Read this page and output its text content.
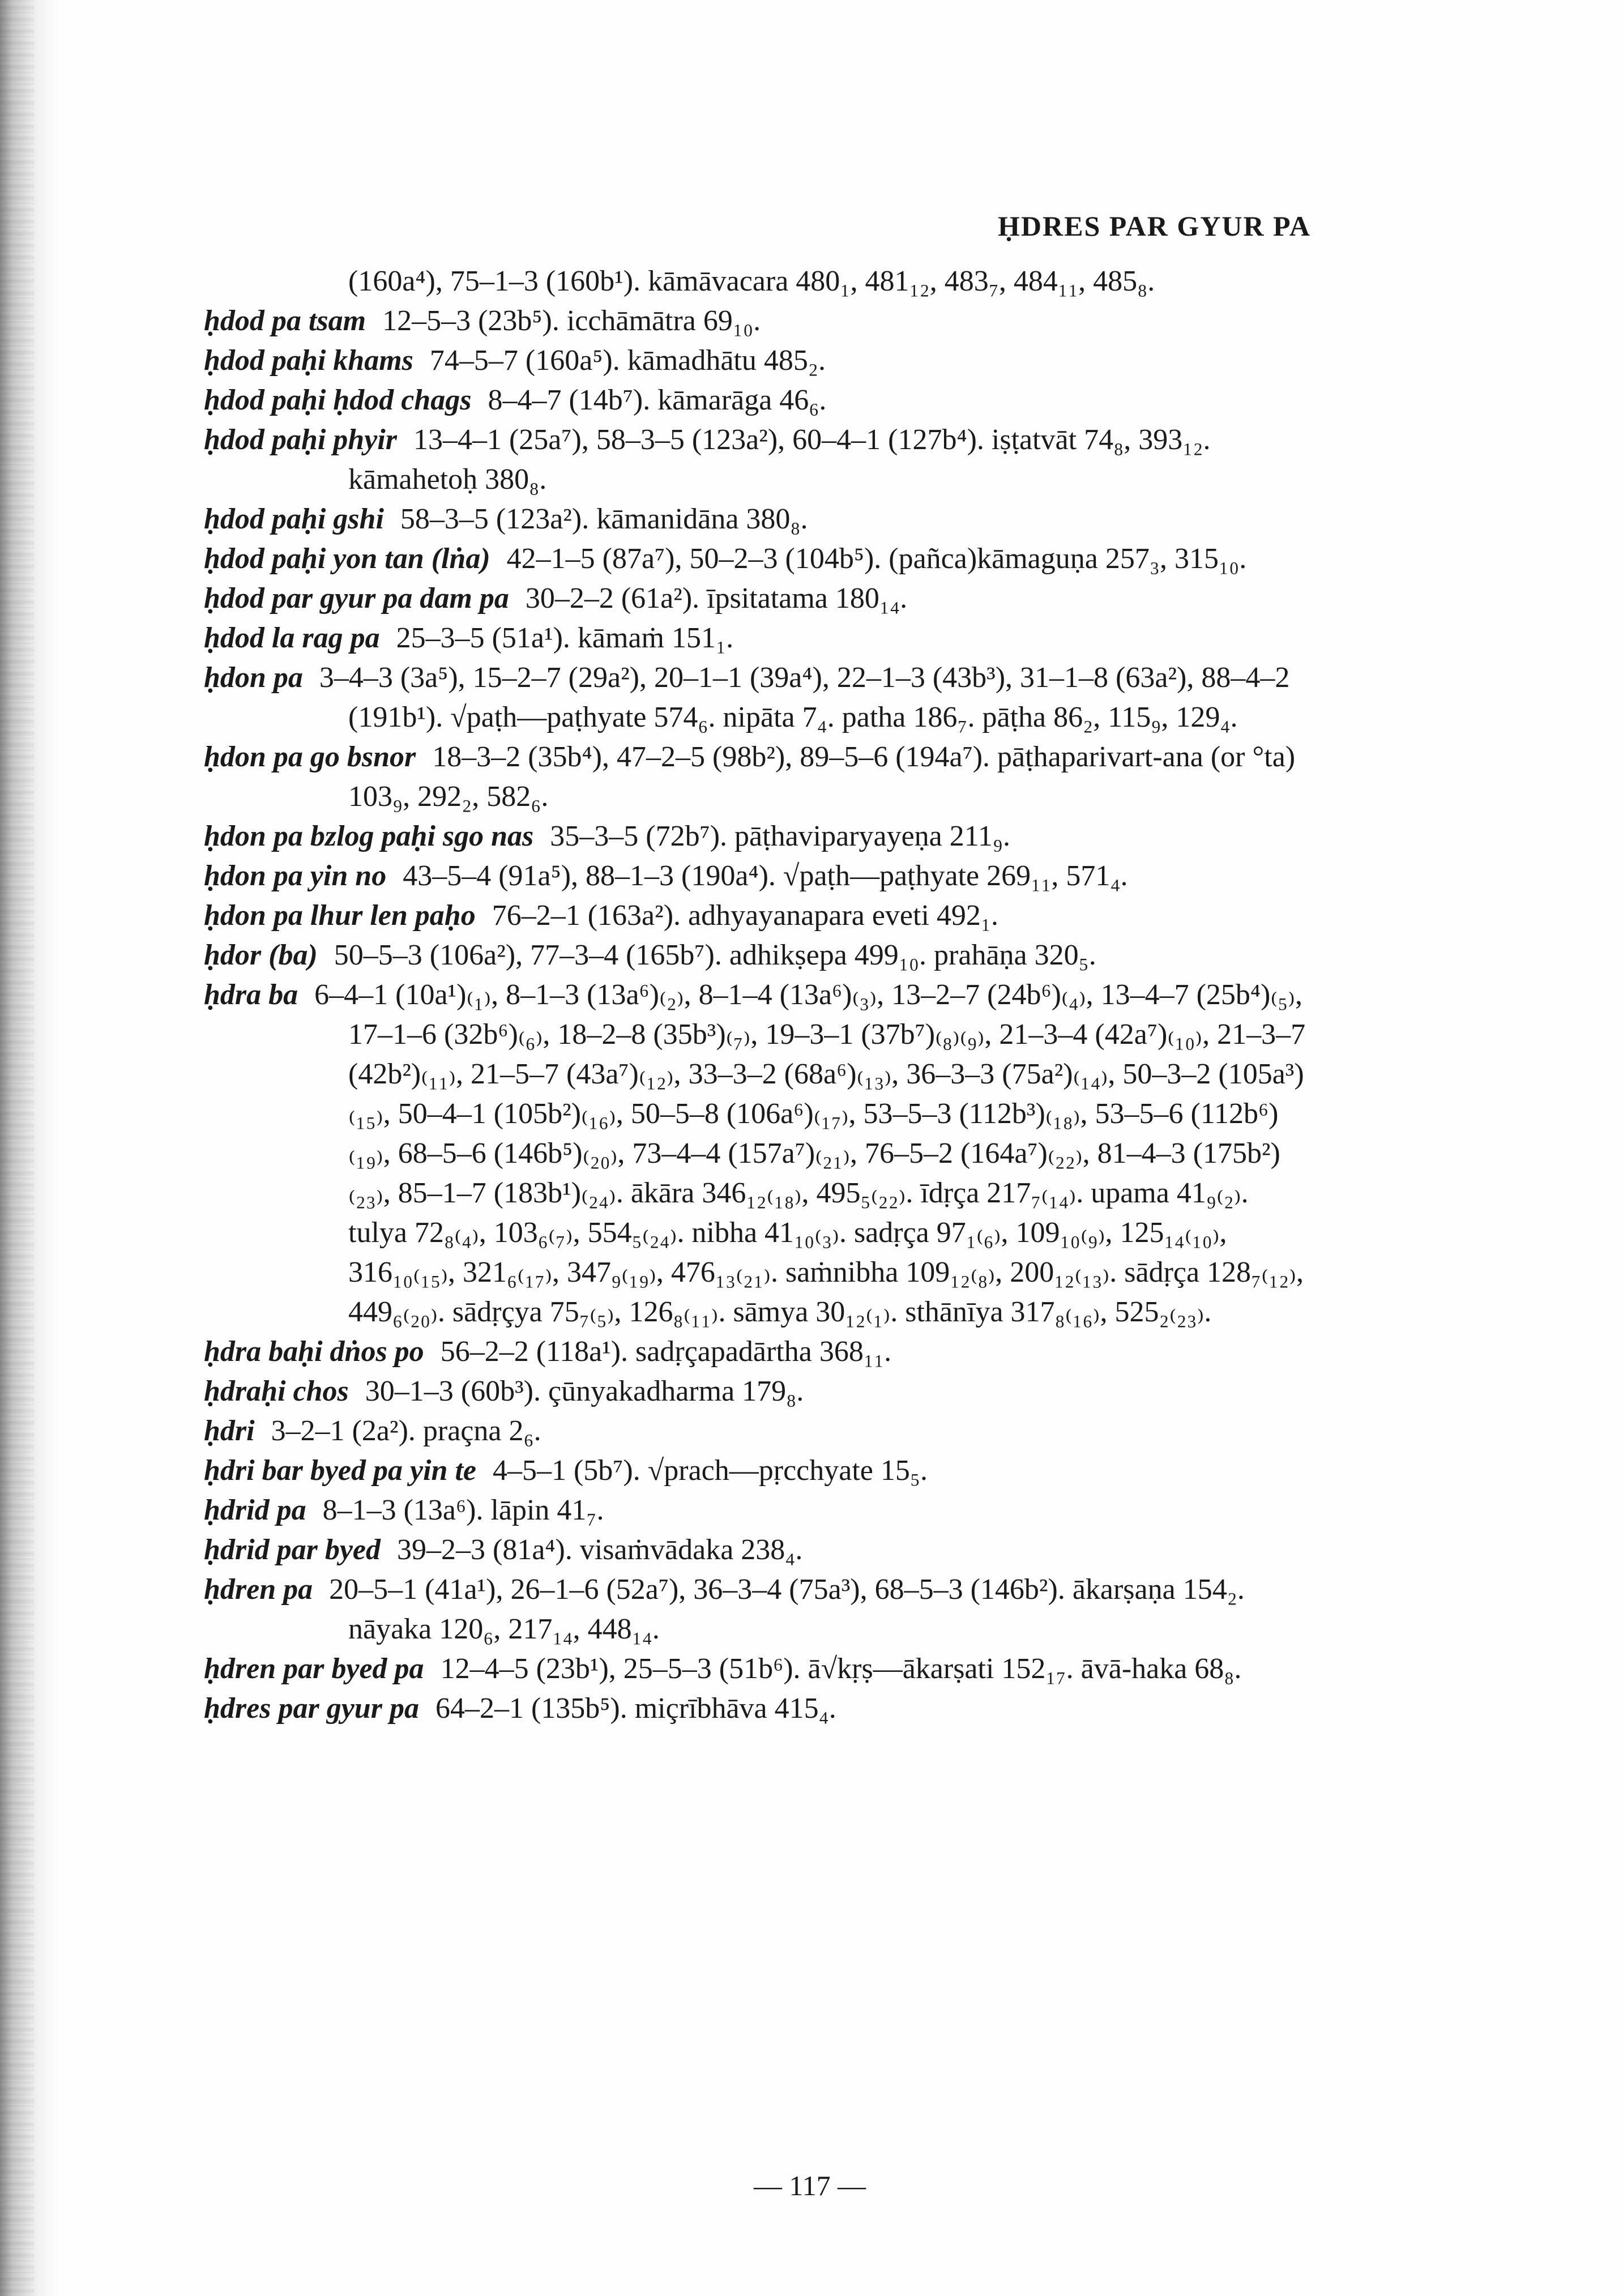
ḤDRES PAR GYUR PA

(160a⁴), 75–1–3 (160b¹). kāmāvacara 480₁, 481₁₂, 483₇, 484₁₁, 485₈.

ḥdod pa tsam 12–5–3 (23b⁵). icchāmātra 69₁₀.

ḥdod paḥi khams 74–5–7 (160a⁵). kāmadhātu 485₂.

ḥdod paḥi ḥdod chags 8–4–7 (14b⁷). kāmarāga 46₆.

ḥdod paḥi phyir 13–4–1 (25a⁷), 58–3–5 (123a²), 60–4–1 (127b⁴). iṣṭatvāt 74₈, 393₁₂. kāmahetoḥ 380₈.

ḥdod paḥi gshi 58–3–5 (123a²). kāmanidāna 380₈.

ḥdod paḥi yon tan (lṅa) 42–1–5 (87a⁷), 50–2–3 (104b⁵). (pañca)kāmaguṇa 257₃, 315₁₀.

ḥdod par gyur pa dam pa 30–2–2 (61a²). īpsitatama 180₁₄.

ḥdod la rag pa 25–3–5 (51a¹). kāmaṁ 151₁.

ḥdon pa 3–4–3 (3a⁵), 15–2–7 (29a²), 20–1–1 (39a⁴), 22–1–3 (43b³), 31–1–8 (63a²), 88–4–2 (191b¹). √paṭh—paṭhyate 574₆. nipāta 7₄. patha 186₇. pāṭha 86₂, 115₉, 129₄.

ḥdon pa go bsnor 18–3–2 (35b⁴), 47–2–5 (98b²), 89–5–6 (194a⁷). pāṭhaparivart-ana (or °ta) 103₉, 292₂, 582₆.

ḥdon pa bzlog paḥi sgo nas 35–3–5 (72b⁷). pāṭhaviparyayeṇa 211₉.

ḥdon pa yin no 43–5–4 (91a⁵), 88–1–3 (190a⁴). √paṭh—paṭhyate 269₁₁, 571₄.

ḥdon pa lhur len paḥo 76–2–1 (163a²). adhyayanapara eveti 492₁.

ḥdor (ba) 50–5–3 (106a²), 77–3–4 (165b⁷). adhikṣepa 499₁₀. prahāṇa 320₅.

ḥdra ba 6–4–1 (10a¹)₍₁₎, 8–1–3 (13a⁶)₍₂₎, 8–1–4 (13a⁶)₍₃₎, 13–2–7 (24b⁶)₍₄₎, 13–4–7 (25b⁴)₍₅₎, 17–1–6 (32b⁶)₍₆₎, 18–2–8 (35b³)₍₇₎, 19–3–1 (37b⁷)₍₈₎₍₉₎, 21–3–4 (42a⁷)₍₁₀₎, 21–3–7 (42b²)₍₁₁₎, 21–5–7 (43a⁷)₍₁₂₎, 33–3–2 (68a⁶)₍₁₃₎, 36–3–3 (75a²)₍₁₄₎, 50–3–2 (105a³)₍₁₅₎, 50–4–1 (105b²)₍₁₆₎, 50–5–8 (106a⁶)₍₁₇₎, 53–5–3 (112b³)₍₁₈₎, 53–5–6 (112b⁶)₍₁₉₎, 68–5–6 (146b⁵)₍₂₀₎, 73–4–4 (157a⁷)₍₂₁₎, 76–5–2 (164a⁷)₍₂₂₎, 81–4–3 (175b²)₍₂₃₎, 85–1–7 (183b¹)₍₂₄₎. ākāra 346₁₂₍₁₈₎, 495₅₍₂₂₎. īdṛça 217₇₍₁₄₎. upama 41₉₍₂₎. tulya 72₈₍₄₎, 103₆₍₇₎, 554₅₍₂₄₎. nibha 41₁₀₍₃₎. sadṛça 97₁₍₆₎, 109₁₀₍₉₎, 125₁₄₍₁₀₎, 316₁₀₍₁₅₎, 321₆₍₁₇₎, 347₉₍₁₉₎, 476₁₃₍₂₁₎. saṁnibha 109₁₂₍₈₎, 200₁₂₍₁₃₎. sādṛça 128₇₍₁₂₎, 449₆₍₂₀₎. sādṛçya 75₇₍₅₎, 126₈₍₁₁₎. sāmya 30₁₂₍₁₎. sthānīya 317₈₍₁₆₎, 525₂₍₂₃₎.

ḥdra baḥi dṅos po 56–2–2 (118a¹). sadṛçapadārtha 368₁₁.

ḥdraḥi chos 30–1–3 (60b³). çūnyakadharma 179₈.

ḥdri 3–2–1 (2a²). praçna 2₆.

ḥdri bar byed pa yin te 4–5–1 (5b⁷). √prach—pṛcchyate 15₅.

ḥdrid pa 8–1–3 (13a⁶). lāpin 41₇.

ḥdrid par byed 39–2–3 (81a⁴). visaṁvādaka 238₄.

ḥdren pa 20–5–1 (41a¹), 26–1–6 (52a⁷), 36–3–4 (75a³), 68–5–3 (146b²). ākarṣaṇa 154₂. nāyaka 120₆, 217₁₄, 448₁₄.

ḥdren par byed pa 12–4–5 (23b¹), 25–5–3 (51b⁶). ā√kṛṣ—ākarṣati 152₁₇. āvā-haka 68₈.

ḥdres par gyur pa 64–2–1 (135b⁵). miçrībhāva 415₄.

— 117 —
